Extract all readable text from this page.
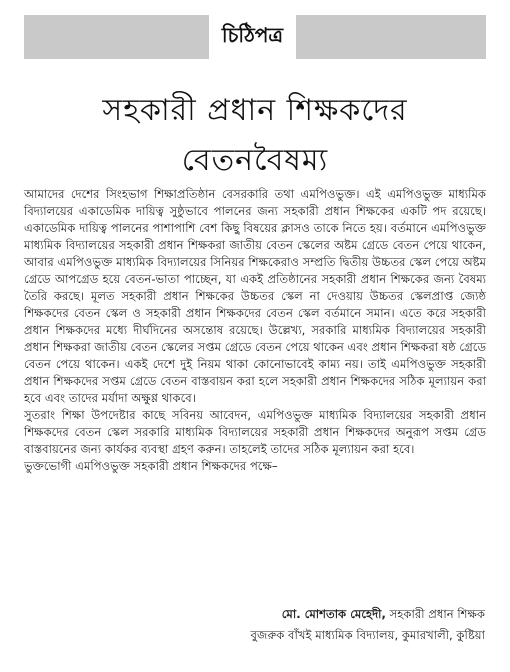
চিঠিপত্র
সহকারী প্রধান শিক্ষকদের
বেতনবৈষম্য

আমাদের দেশের সিংহভাগ শিক্ষাপ্রতিষ্ঠান বেসরকারি তথা এমপিওভুক্ত। এই এমপিওভুক্ত মাধ্যমিক বিদ্যালয়ের একাডেমিক দায়িত্ব সুষ্ঠুভাবে পালনের জন্য সহকারী প্রধান শিক্ষকের একটি পদ রয়েছে। একাডেমিক দায়িত্ব পালনের পাশাপাশি বেশ কিছু বিষয়ের ক্লাসও তাকে নিতে হয়। বর্তমানে এমপিওভুক্ত মাধ্যমিক বিদ্যালয়ের সহকারী প্রধান শিক্ষকরা জাতীয় বেতন স্কেলের অষ্টম গ্রেডে বেতন পেয়ে থাকেন, আবার এমপিওভুক্ত মাধ্যমিক বিদ্যালয়ের সিনিয়র শিক্ষকেরাও সম্প্রতি দ্বিতীয় উচ্চতর স্কেল পেয়ে অষ্টম গ্রেডে আপগ্রেড হয়ে বেতন-ভাতা পাচ্ছেন, যা একই প্রতিষ্ঠানের সহকারী প্রধান শিক্ষকের জন্য বৈষম্য তৈরি করছে। মূলত সহকারী প্রধান শিক্ষকের উচ্চতর স্কেল না দেওয়ায় উচ্চতর স্কেলপ্রাপ্ত জ্যেষ্ঠ শিক্ষকদের বেতন স্কেল ও সহকারী প্রধান শিক্ষকদের বেতন স্কেল বর্তমানে সমান। এতে করে সহকারী প্রধান শিক্ষকদের মধ্যে দীর্ঘদিনের অসন্তোষ রয়েছে। উল্লেখ্য, সরকারি মাধ্যমিক বিদ্যালয়ের সহকারী প্রধান শিক্ষকরা জাতীয় বেতন স্কেলের সপ্তম গ্রেডে বেতন পেয়ে থাকেন এবং প্রধান শিক্ষকরা ষষ্ঠ গ্রেডে বেতন পেয়ে থাকেন। একই দেশে দুই নিয়ম থাকা কোনোভাবেই কাম্য নয়। তাই এমপিওভুক্ত সহকারী প্রধান শিক্ষকদের সপ্তম গ্রেডে বেতন বাস্তবায়ন করা হলে সহকারী প্রধান শিক্ষকদের সঠিক মূল্যায়ন করা হবে এবং তাদের মর্যাদা অক্ষুণ্ণ থাকবে।

সুতরাং শিক্ষা উপদেষ্টার কাছে সবিনয় আবেদন, এমপিওভুক্ত মাধ্যমিক বিদ্যালয়ের সহকারী প্রধান শিক্ষকদের বেতন স্কেল সরকারি মাধ্যমিক বিদ্যালয়ের সহকারী প্রধান শিক্ষকদের অনুরূপ সপ্তম গ্রেড বাস্তবায়নের জন্য কার্যকর ব্যবস্থা গ্রহণ করুন। তাহলেই তাদের সঠিক মূল্যায়ন করা হবে।

ভুক্তভোগী এমপিওভুক্ত সহকারী প্রধান শিক্ষকদের পক্ষে–

মো. মোশতাক মেহেদী, সহকারী প্রধান শিক্ষক
বুজরুক বাঁখই মাধ্যমিক বিদ্যালয়, কুমারখালী, কুষ্টিয়া
